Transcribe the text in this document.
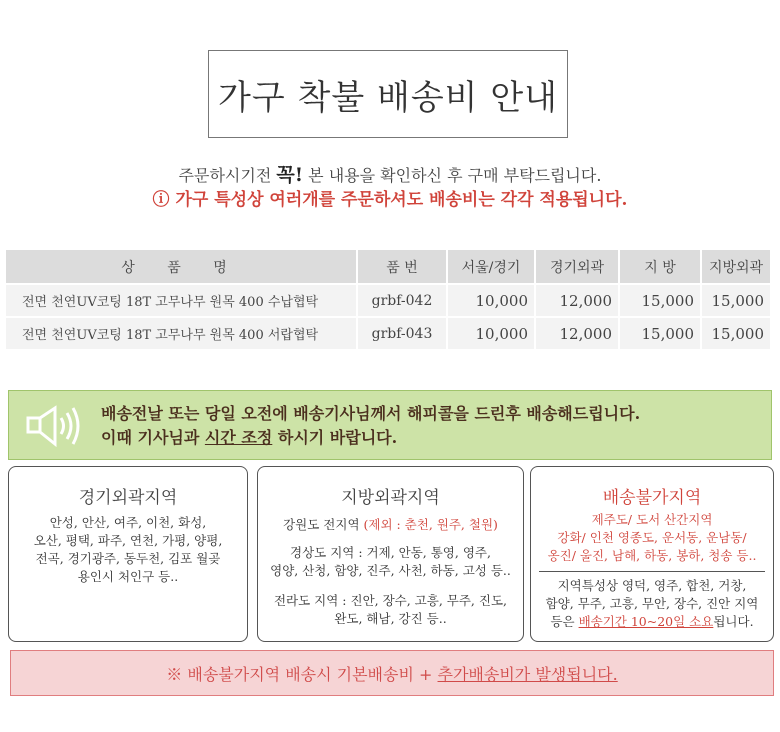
가구 착불 배송비 안내
주문하시기전 꼭! 본 내용을 확인하신 후 구매 부탁드립니다.
ⓘ 가구 특성상 여러개를 주문하셔도 배송비는 각각 적용됩니다.
상 품 명	품 번	서울/경기	경기외곽	지 방	지방외곽
전면 천연UV코팅 18T 고무나무 원목 400 수납협탁	grbf-042	10,000	12,000	15,000	15,000
전면 천연UV코팅 18T 고무나무 원목 400 서랍협탁	grbf-043	10,000	12,000	15,000	15,000
배송전날 또는 당일 오전에 배송기사님께서 해피콜을 드린후 배송해드립니다.
이때 기사님과 시간 조정 하시기 바랍니다.
경기외곽지역
안성, 안산, 여주, 이천, 화성,
오산, 평택, 파주, 연천, 가평, 양평,
전곡, 경기광주, 동두천, 김포 월곶
용인시 처인구 등..
지방외곽지역
강원도 전지역 (제외 : 춘천, 원주, 철원)
경상도 지역 : 거제, 안동, 통영, 영주,
영양, 산청, 함양, 진주, 사천, 하동, 고성 등..
전라도 지역 : 진안, 장수, 고흥, 무주, 진도,
완도, 해남, 강진 등..
배송불가지역
제주도/ 도서 산간지역
강화/ 인천 영종도, 운서동, 운남동/
옹진/ 울진, 남해, 하동, 봉하, 청송 등..
지역특성상 영덕, 영주, 합천, 거창,
함양, 무주, 고흥, 무안, 장수, 진안 지역
등은 배송기간 10~20일 소요됩니다.
※ 배송불가지역 배송시 기본배송비 +
추가배송비가 발생됩니다.
